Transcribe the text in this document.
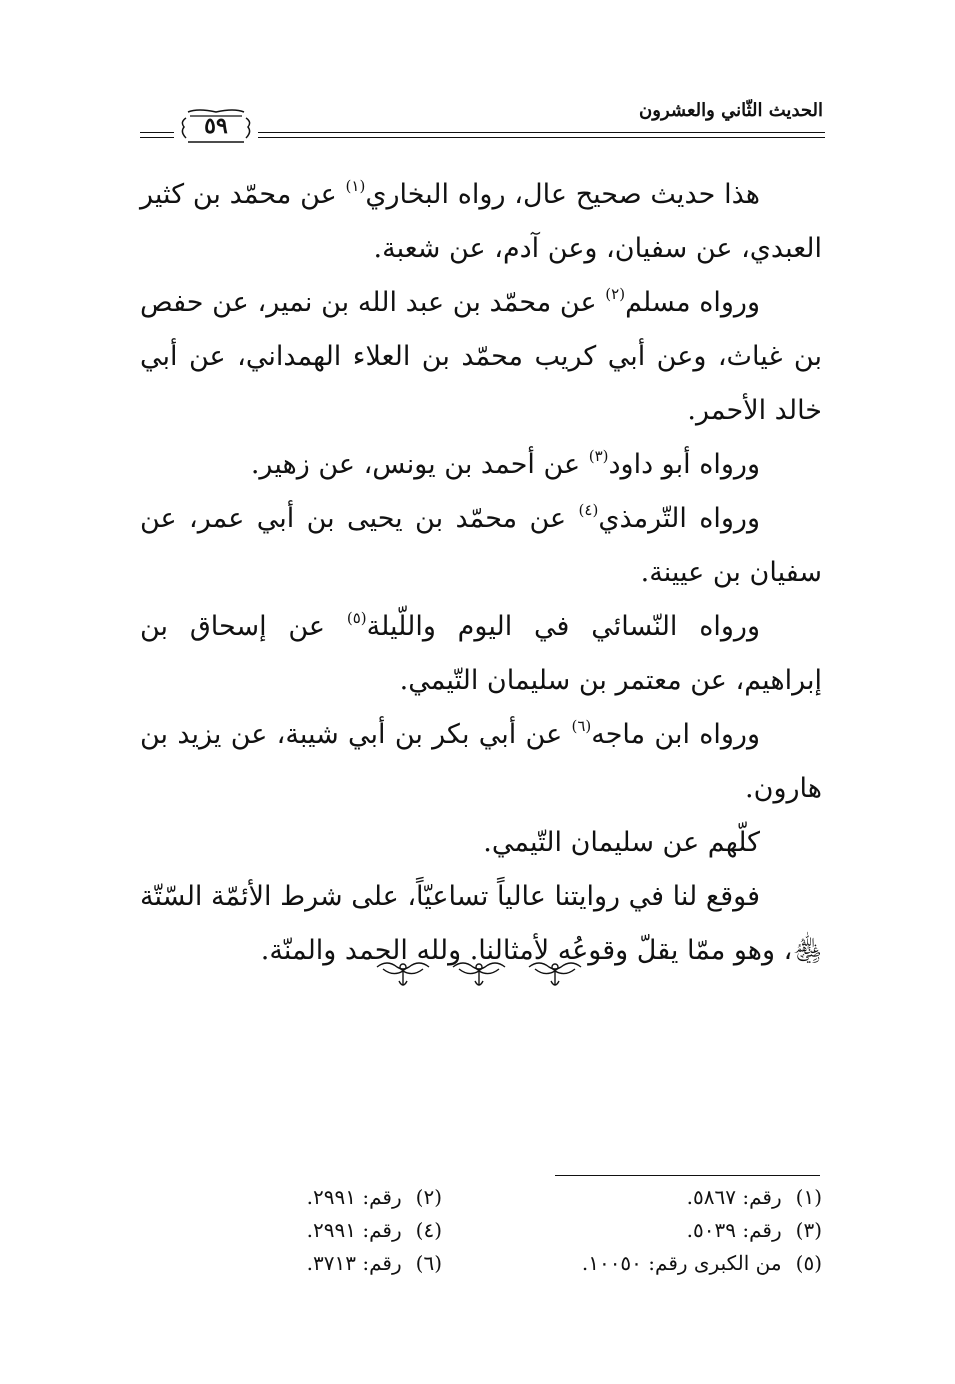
الحديث الثّاني والعشرون
٥٩

هذا حديث صحيح عال، رواه البخاري$^{(١)}$ عن محمّد بن كثير العبدي، عن سفيان، وعن آدم، عن شعبة.

ورواه مسلم$^{(٢)}$ عن محمّد بن عبد الله بن نمير، عن حفص بن غياث، وعن أبي كريب محمّد بن العلاء الهمداني، عن أبي خالد الأحمر.

ورواه أبو داود$^{(٣)}$ عن أحمد بن يونس، عن زهير.

ورواه التّرمذي$^{(٤)}$ عن محمّد بن يحيى بن أبي عمر، عن سفيان بن عيينة.

ورواه النّسائي في اليوم واللّيلة$^{(٥)}$ عن إسحاق بن إبراهيم، عن معتمر بن سليمان التّيمي.

ورواه ابن ماجه$^{(٦)}$ عن أبي بكر بن أبي شيبة، عن يزيد بن هارون.

كلّهم عن سليمان التّيمي.

فوقع لنا في روايتنا عالياً تساعيّاً، على شرط الأئمّة السّتّة ﵃، وهو ممّا يقلّ وقوعُه لأمثالنا. ولله الحمد والمنّة.

(١)رقم: ٥٨٦٧.
(٢)رقم: ٢٩٩١.
(٣)رقم: ٥٠٣٩.
(٤)رقم: ٢٩٩١.
(٥)من الكبرى رقم: ١٠٠٥٠.
(٦)رقم: ٣٧١٣.
